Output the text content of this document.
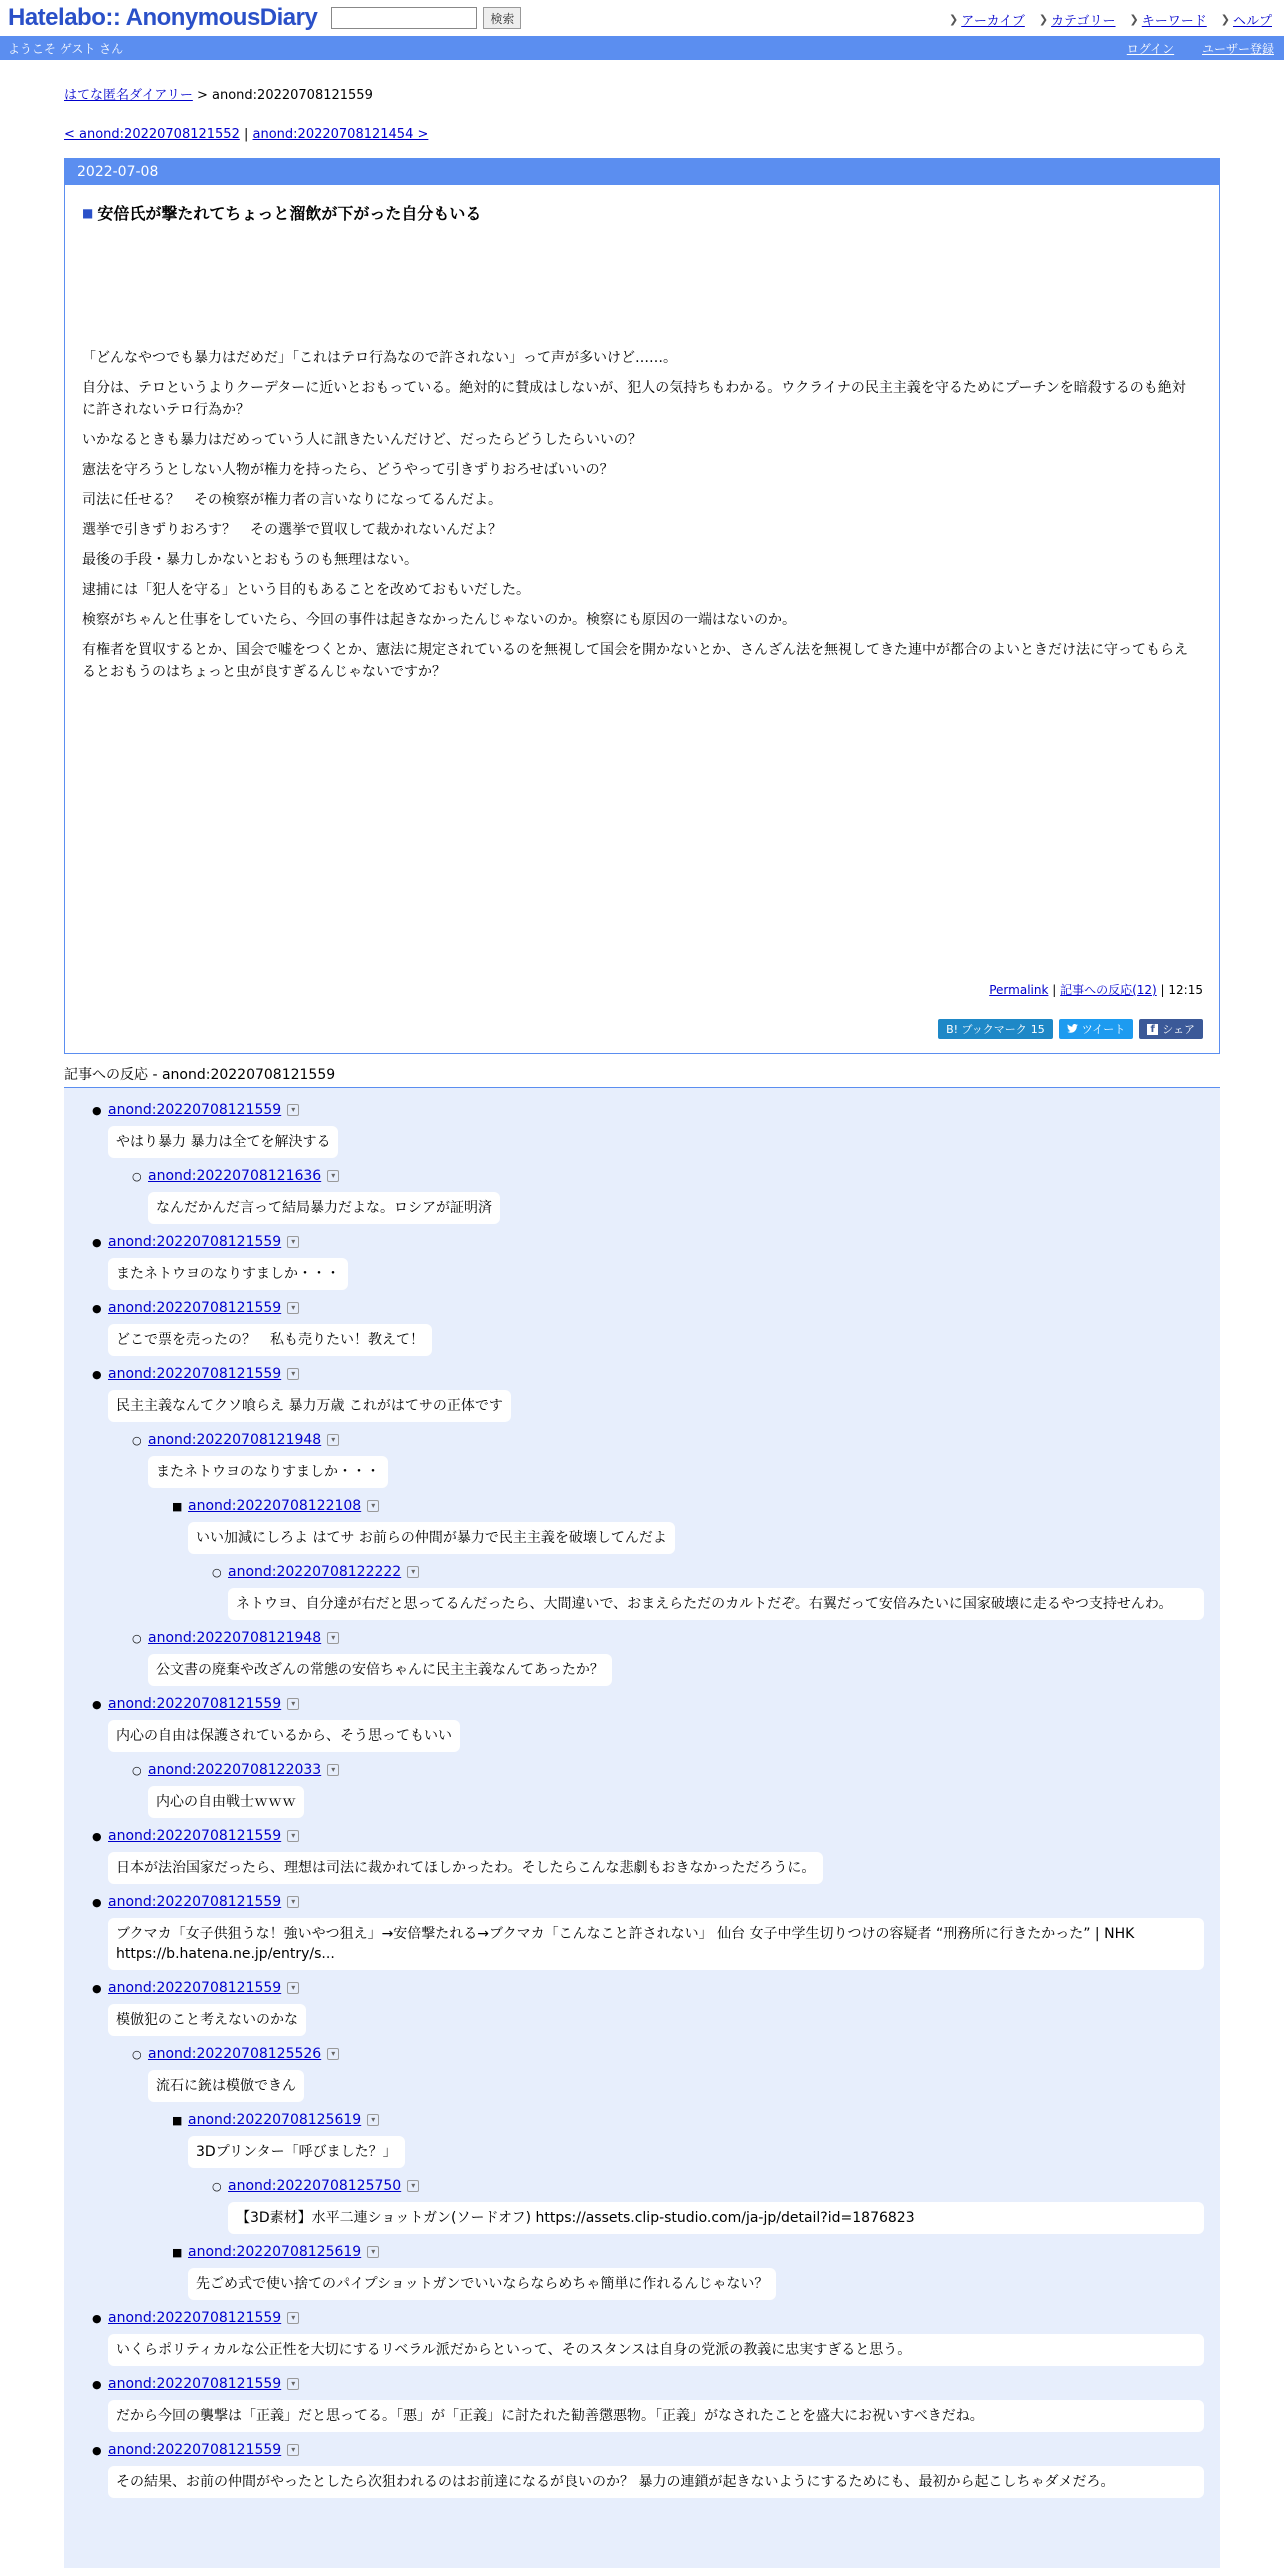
Hatelabo:: AnonymousDiary	検索	❯ アーカイブ ❯ カテゴリー ❯ キーワード ❯ ヘルプ
ようこそ ゲスト さん	ログイン ユーザー登録
はてな匿名ダイアリー > anond:20220708121559
< anond:20220708121552 | anond:20220708121454 >
2022-07-08
■ 安倍氏が撃たれてちょっと溜飲が下がった自分もいる

「どんなやつでも暴力はだめだ」「これはテロ行為なので許されない」って声が多いけど……。

自分は、テロというよりクーデターに近いとおもっている。絶対的に賛成はしないが、犯人の気持ちもわかる。ウクライナの民主主義を守るためにプーチンを暗殺するのも絶対に許されないテロ行為か？

いかなるときも暴力はだめっていう人に訊きたいんだけど、だったらどうしたらいいの？

憲法を守ろうとしない人物が権力を持ったら、どうやって引きずりおろせばいいの？

司法に任せる？　その検察が権力者の言いなりになってるんだよ。

選挙で引きずりおろす？　その選挙で買収して裁かれないんだよ？

最後の手段・暴力しかないとおもうのも無理はない。

逮捕には「犯人を守る」という目的もあることを改めておもいだした。

検察がちゃんと仕事をしていたら、今回の事件は起きなかったんじゃないのか。検察にも原因の一端はないのか。

有権者を買収するとか、国会で嘘をつくとか、憲法に規定されているのを無視して国会を開かないとか、さんざん法を無視してきた連中が都合のよいときだけ法に守ってもらえるとおもうのはちょっと虫が良すぎるんじゃないですか？

Permalink | 記事への反応(12) | 12:15
B! ブックマーク 15	ツイート	f シェア
記事への反応 - anond:20220708121559
● anond:20220708121559	▾
やはり暴力 暴力は全てを解決する
○ anond:20220708121636	▾
なんだかんだ言って結局暴力だよな。ロシアが証明済
● anond:20220708121559	▾
またネトウヨのなりすましか・・・
● anond:20220708121559	▾
どこで票を売ったの？　私も売りたい！教えて！
● anond:20220708121559	▾
民主主義なんてクソ喰らえ 暴力万歳 これがはてサの正体です
○ anond:20220708121948	▾
またネトウヨのなりすましか・・・
■ anond:20220708122108	▾
いい加減にしろよ はてサ お前らの仲間が暴力で民主主義を破壊してんだよ
○ anond:20220708122222	▾
ネトウヨ、自分達が右だと思ってるんだったら、大間違いで、おまえらただのカルトだぞ。右翼だって安倍みたいに国家破壊に走るやつ支持せんわ。
○ anond:20220708121948	▾
公文書の廃棄や改ざんの常態の安倍ちゃんに民主主義なんてあったか？
● anond:20220708121559	▾
内心の自由は保護されているから、そう思ってもいい
○ anond:20220708122033	▾
内心の自由戦士ｗｗｗ
● anond:20220708121559	▾
日本が法治国家だったら、理想は司法に裁かれてほしかったわ。そしたらこんな悲劇もおきなかっただろうに。
● anond:20220708121559	▾
ブクマカ「女子供狙うな！強いやつ狙え」→安倍撃たれる→ブクマカ「こんなこと許されない」 仙台 女子中学生切りつけの容疑者 “刑務所に行きたかった” | NHK https://b.hatena.ne.jp/entry/s...
● anond:20220708121559	▾
模倣犯のこと考えないのかな
○ anond:20220708125526	▾
流石に銃は模倣できん
■ anond:20220708125619	▾
3Dプリンター「呼びました？」
○ anond:20220708125750	▾
【3D素材】水平二連ショットガン(ソードオフ) https://assets.clip-studio.com/ja-jp/detail?id=1876823
■ anond:20220708125619	▾
先ごめ式で使い捨てのパイプショットガンでいいならならめちゃ簡単に作れるんじゃない？
● anond:20220708121559	▾
いくらポリティカルな公正性を大切にするリベラル派だからといって、そのスタンスは自身の党派の教義に忠実すぎると思う。
● anond:20220708121559	▾
だから今回の襲撃は「正義」だと思ってる。「悪」が「正義」に討たれた勧善懲悪物。「正義」がなされたことを盛大にお祝いすべきだね。
● anond:20220708121559	▾
その結果、お前の仲間がやったとしたら次狙われるのはお前達になるが良いのか？ 暴力の連鎖が起きないようにするためにも、最初から起こしちゃダメだろ。
